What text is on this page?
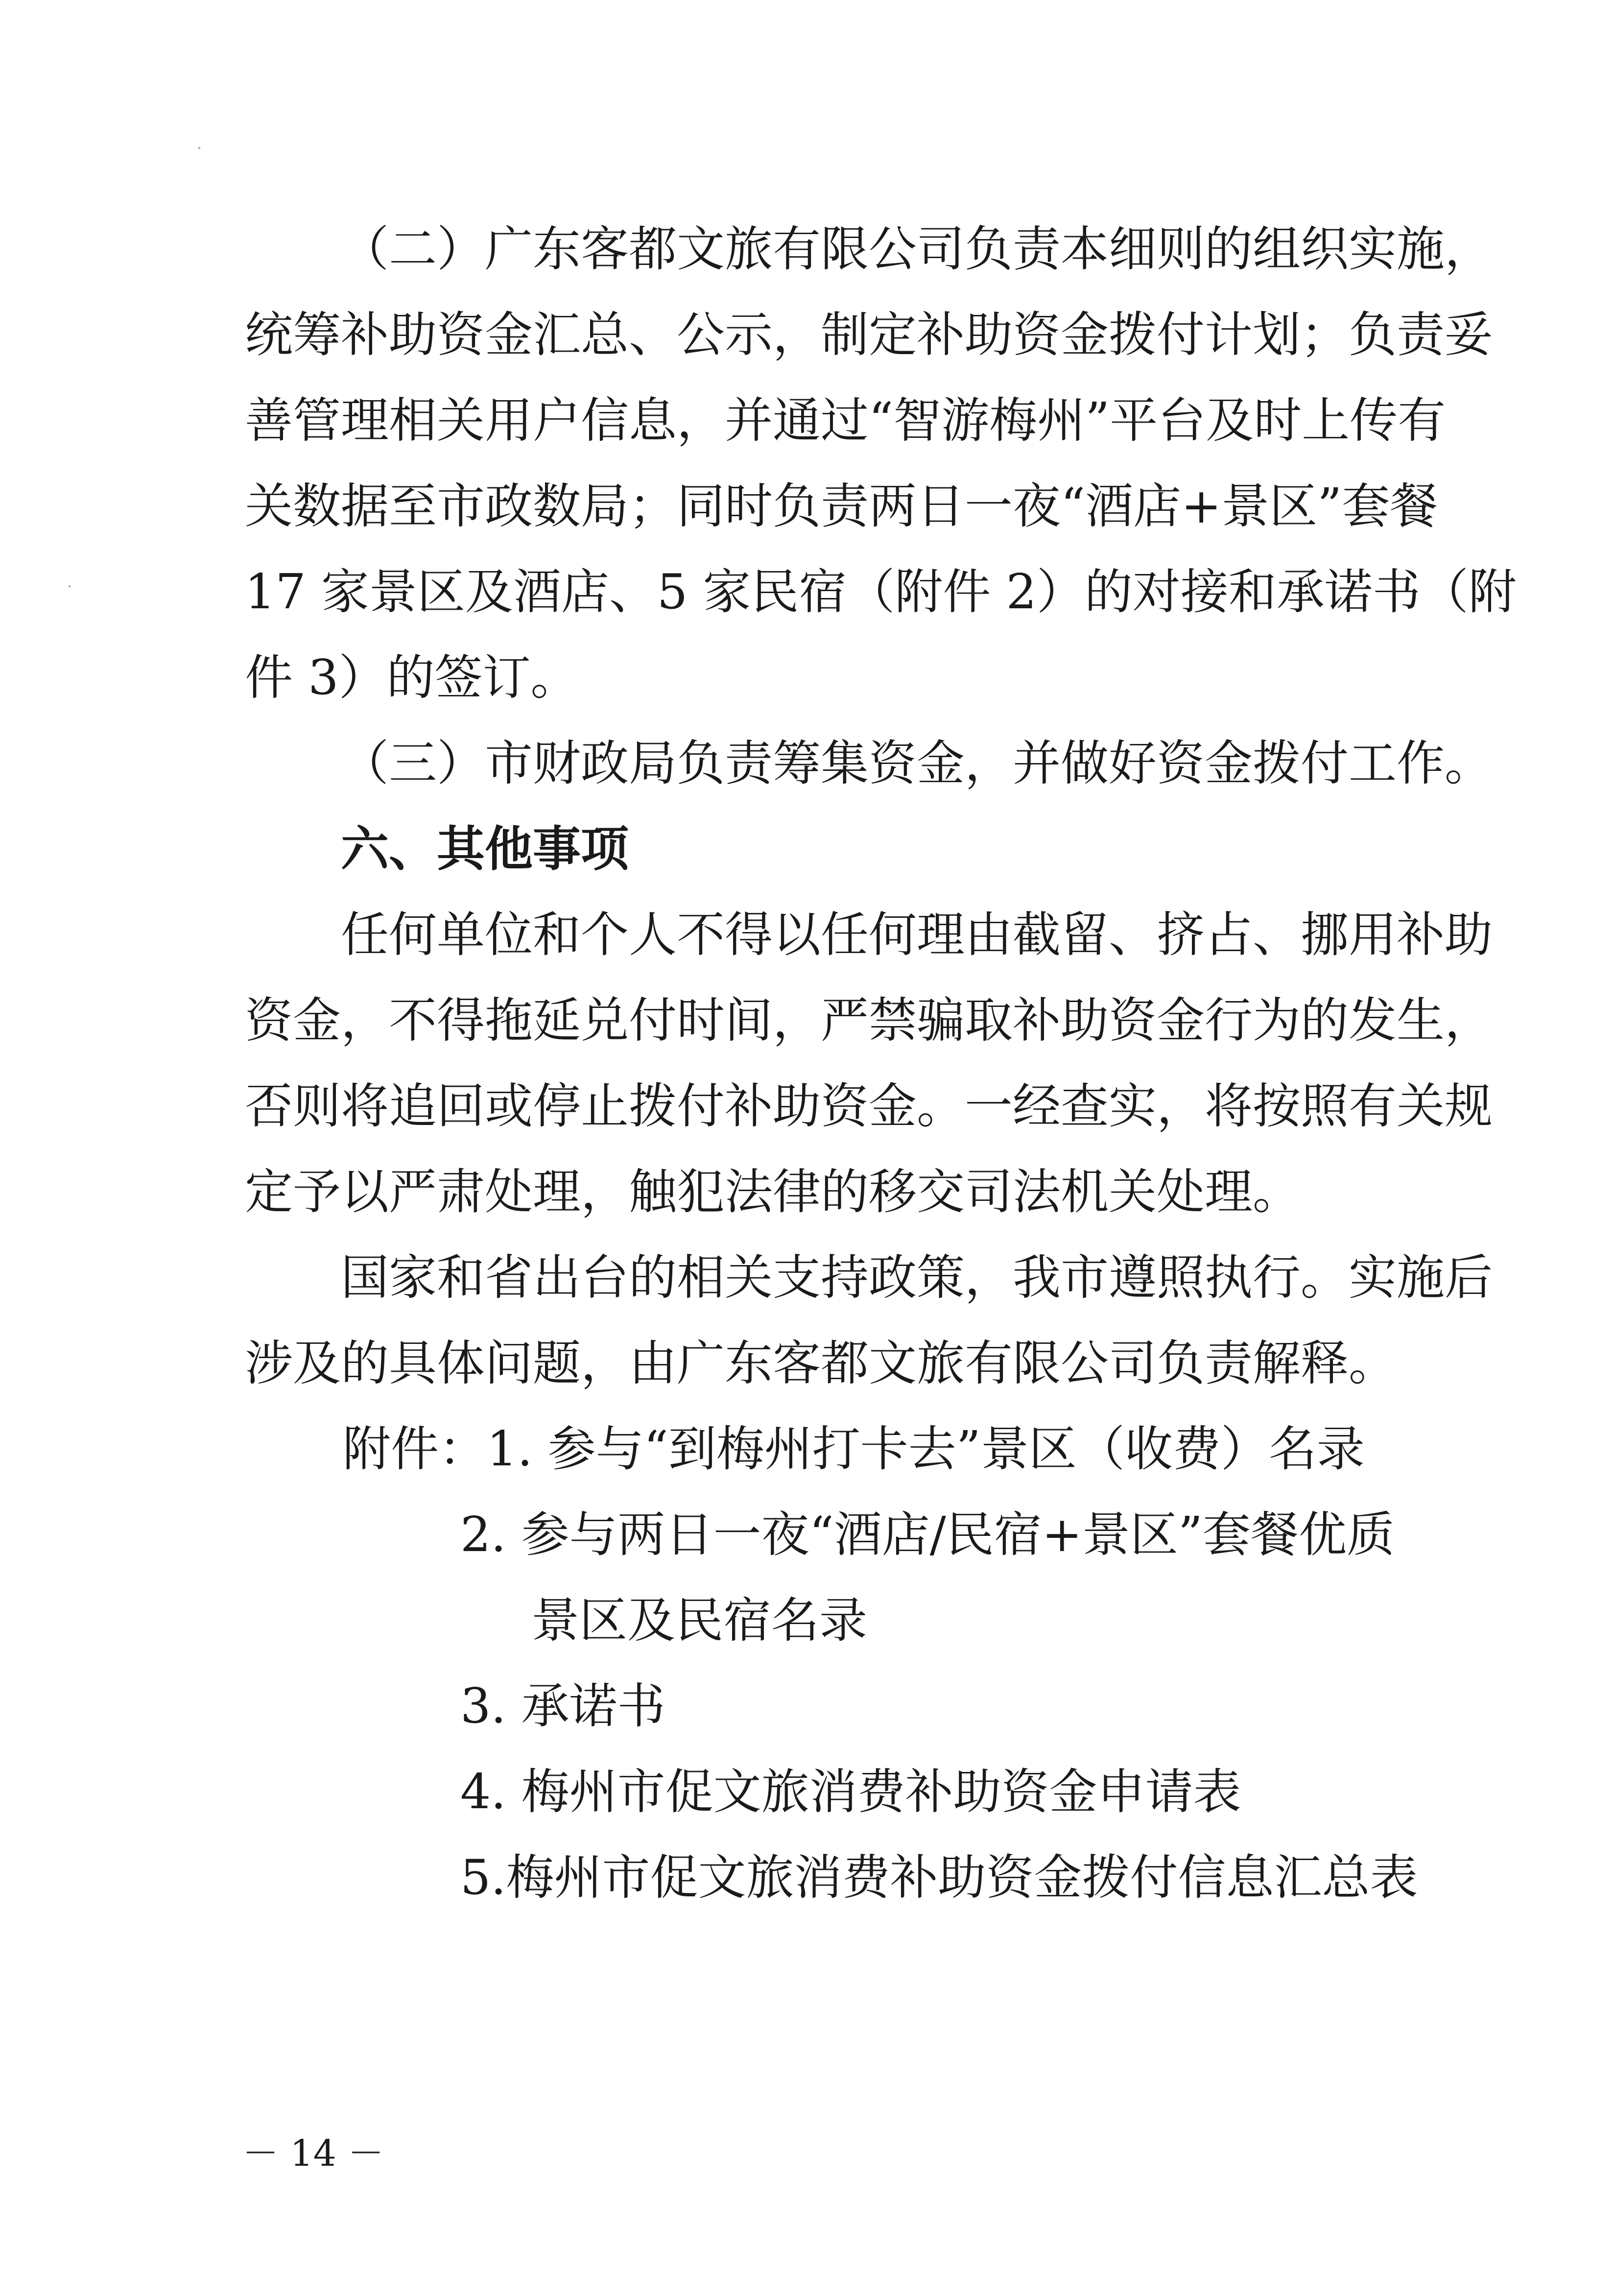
（二）广东客都文旅有限公司负责本细则的组织实施，
统筹补助资金汇总、公示，制定补助资金拨付计划；负责妥
善管理相关用户信息，并通过“智游梅州”平台及时上传有
关数据至市政数局；同时负责两日一夜“酒店+景区”套餐
17 家景区及酒店、5 家民宿（附件 2）的对接和承诺书（附
件 3）的签订。
（三）市财政局负责筹集资金，并做好资金拨付工作。
六、其他事项
任何单位和个人不得以任何理由截留、挤占、挪用补助
资金，不得拖延兑付时间，严禁骗取补助资金行为的发生，
否则将追回或停止拨付补助资金。一经查实，将按照有关规
定予以严肃处理，触犯法律的移交司法机关处理。
国家和省出台的相关支持政策，我市遵照执行。实施后
涉及的具体问题，由广东客都文旅有限公司负责解释。
附件：1. 参与“到梅州打卡去”景区（收费）名录
2. 参与两日一夜“酒店/民宿+景区”套餐优质
景区及民宿名录
3. 承诺书
4. 梅州市促文旅消费补助资金申请表
5.梅州市促文旅消费补助资金拨付信息汇总表
－ 14 －
